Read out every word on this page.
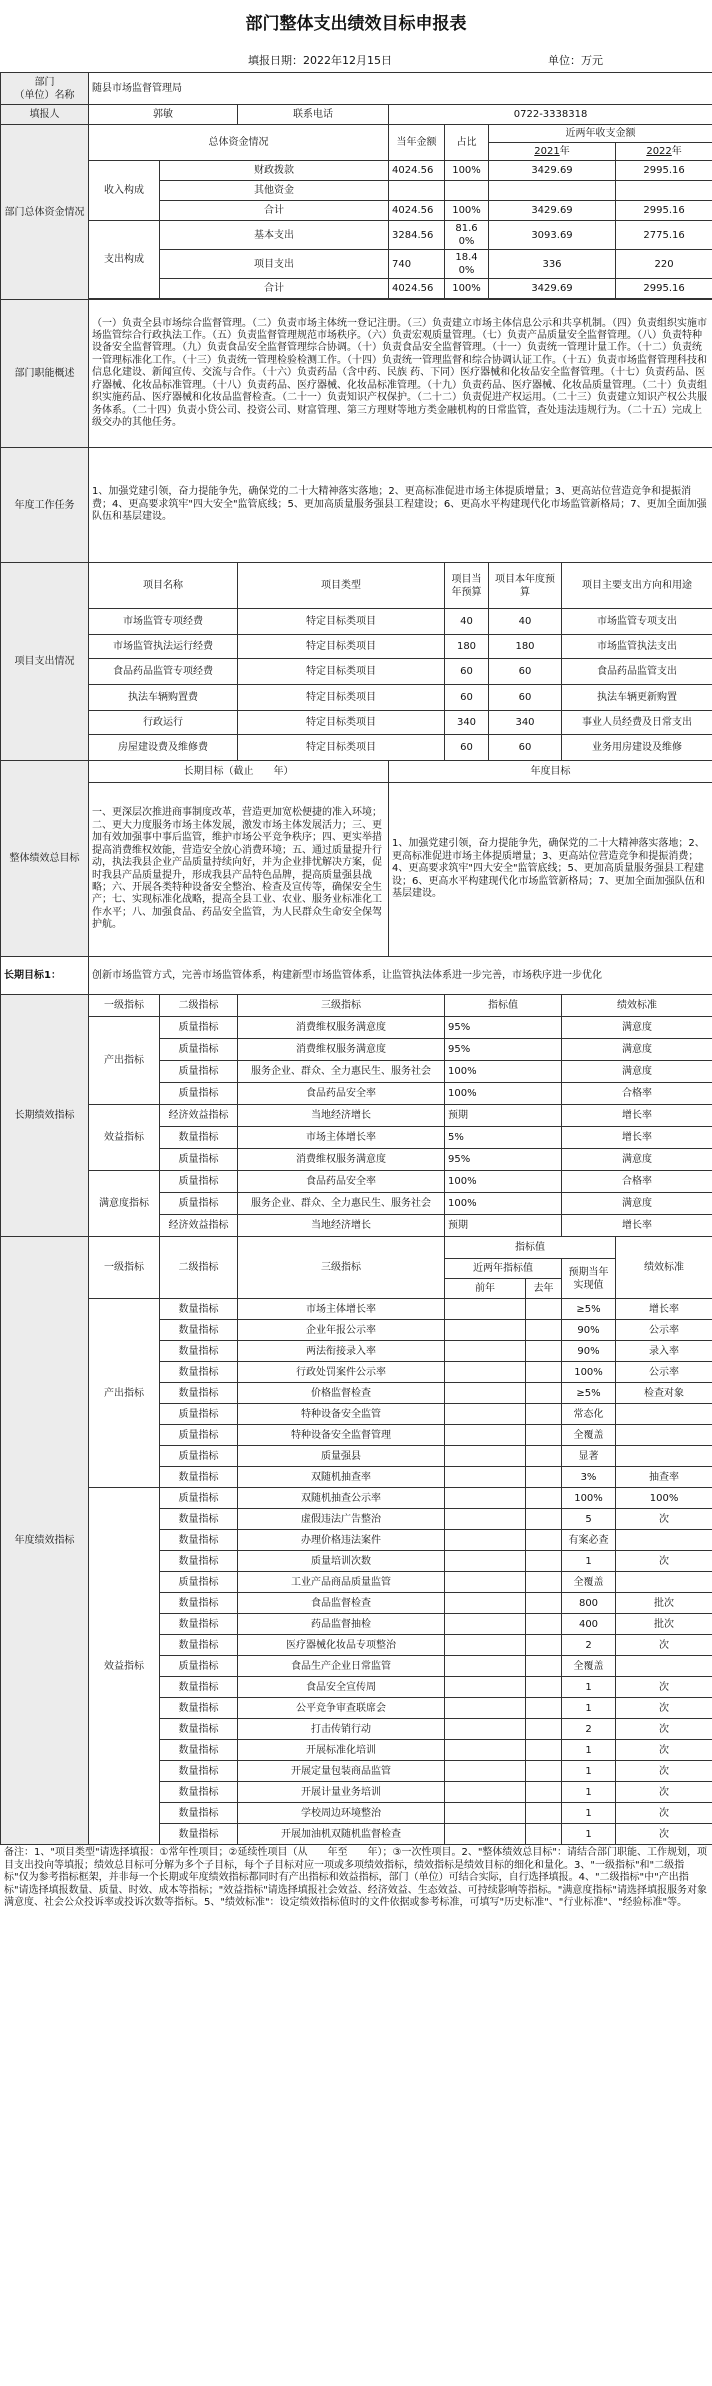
部门整体支出绩效目标申报表
填报日期：2022年12月15日	单位：万元
部门
（单位）名称	随县市场监督管理局								
填报人	郭敏		联系电话	0722-3338318					
部门总体资金情况	总体资金情况			当年金额	占比	近两年收支金额			
						2021年			2022年
	收入构成	财政拨款		4024.56	100%	3429.69			2995.16
		其他资金							
		合计		4024.56	100%	3429.69			2995.16
	支出构成	基本支出		3284.56	81.60%	3093.69			2775.16
		项目支出		740	18.40%	336			220
		合计		4024.56	100%	3429.69			2995.16

部门职能概述	（一）负责全县市场综合监督管理。（二）负责市场主体统一登记注册。（三）负责建立市场主体信息公示和共享机制。（四）负责组织实施市场监管综合行政执法工作。（五）负责监督管理规范市场秩序。（六）负责宏观质量管理。（七）负责产品质量安全监督管理。（八）负责特种设备安全监督管理。（九）负责食品安全监督管理综合协调。（十）负责食品安全监督管理。（十一）负责统一管理计量工作。（十二）负责统一管理标准化工作。（十三）负责统一管理检验检测工作。（十四）负责统一管理监督和综合协调认证工作。（十五）负责市场监督管理科技和信息化建设、新闻宣传、交流与合作。（十六）负责药品（含中药、民族 药、下同）医疗器械和化妆品安全监督管理。（十七）负责药品、医疗器械、化妆品标准管理。（十八）负责药品、医疗器械、化妆品标准管理。（十九）负责药品、医疗器械、化妆品质量管理。（二十）负责组织实施药品、医疗器械和化妆品监督检查。（二十一）负责知识产权保护。（二十二）负责促进产权运用。（二十三）负责建立知识产权公共服务体系。（二十四）负责小贷公司、投资公司、财富管理、第三方理财等地方类金融机构的日常监管，查处违法违规行为。（二十五）完成上级交办的其他任务。								
年度工作任务	1、加强党建引领，奋力提能争先，确保党的二十大精神落实落地；2、更高标准促进市场主体提质增量；3、更高站位营造竞争和提振消费；4、更高要求筑牢"四大安全"监管底线；5、更加高质量服务强县工程建设；6、更高水平构建现代化市场监管新格局；7、更加全面加强队伍和基层建设。								
项目支出情况	项目名称		项目类型		项目当年预算	项目本年度预算		项目主要支出方向和用途	
	市场监管专项经费		特定目标类项目		40	40		市场监管专项支出	
	市场监管执法运行经费		特定目标类项目		180	180		市场监管执法支出	
	食品药品监管专项经费		特定目标类项目		60	60		食品药品监管支出	
	执法车辆购置费		特定目标类项目		60	60		执法车辆更新购置	
	行政运行		特定目标类项目		340	340		事业人员经费及日常支出	
	房屋建设费及维修费		特定目标类项目		60	60		业务用房建设及维修	
整体绩效总目标	长期目标（截止　　年）			年度目标					
	一、更深层次推进商事制度改革，营造更加宽松便捷的准入环境；二、更大力度服务市场主体发展，激发市场主体发展活力；三、更加有效加强事中事后监管，维护市场公平竞争秩序；四、更实举措提高消费维权效能，营造安全放心消费环境；五、通过质量提升行动，执法我县企业产品质量持续向好，并为企业排忧解决方案，促时我县产品质量提升，形成我县产品特色品牌，提高质量强县战略；六、开展各类特种设备安全整治、检查及宣传等，确保安全生产；七、实现标准化战略，提高全县工业、农业、服务业标准化工作水平；八、加强食品、药品安全监管，为人民群众生命安全保驾护航。			1、加强党建引领，奋力提能争先，确保党的二十大精神落实落地；2、更高标准促进市场主体提质增量；3、更高站位营造竞争和提振消费；4、更高要求筑牢"四大安全"监管底线；5、更加高质量服务强县工程建设；6、更高水平构建现代化市场监管新格局；7、更加全面加强队伍和基层建设。					
长期目标1：	创新市场监管方式，完善市场监管体系，构建新型市场监管体系，让监管执法体系进一步完善，市场秩序进一步优化								
长期绩效指标	一级指标	二级指标	三级指标		指标值			绩效标准	
	产出指标	质量指标	消费维权服务满意度		95%			满意度	
		质量指标	消费维权服务满意度		95%			满意度	
		质量指标	服务企业、群众、全力惠民生、服务社会		100%			满意度	
		质量指标	食品药品安全率		100%			合格率	
	效益指标	经济效益指标	当地经济增长		预期			增长率	
		数量指标	市场主体增长率		5%			增长率	
		质量指标	消费维权服务满意度		95%			满意度	
	满意度指标	质量指标	食品药品安全率		100%			合格率	
		质量指标	服务企业、群众、全力惠民生、服务社会		100%			满意度	
		经济效益指标	当地经济增长		预期			增长率	
年度绩效指标	一级指标	二级指标	三级指标		指标值				绩效标准
					近两年指标值			预期当年实现值	
					前年		去年		
	产出指标	数量指标	市场主体增长率					≥5%	增长率
		数量指标	企业年报公示率					90%	公示率
		数量指标	两法衔接录入率					90%	录入率
		数量指标	行政处罚案件公示率					100%	公示率
		数量指标	价格监督检查					≥5%	检查对象
		质量指标	特种设备安全监管					常态化	
		质量指标	特种设备安全监督管理					全覆盖	
		质量指标	质量强县					显著	
		数量指标	双随机抽查率					3%	抽查率
	效益指标	质量指标	双随机抽查公示率					100%	100%
		数量指标	虚假违法广告整治					5	次
		数量指标	办理价格违法案件					有案必查	
		数量指标	质量培训次数					1	次
		质量指标	工业产品商品质量监管					全覆盖	
		数量指标	食品监督检查					800	批次
		数量指标	药品监督抽检					400	批次
		数量指标	医疗器械化妆品专项整治					2	次
		质量指标	食品生产企业日常监管					全覆盖	
		数量指标	食品安全宣传周					1	次
		数量指标	公平竞争审查联席会					1	次
		数量指标	打击传销行动					2	次
		数量指标	开展标准化培训					1	次
		数量指标	开展定量包装商品监管					1	次
		数量指标	开展计量业务培训					1	次
		数量指标	学校周边环境整治					1	次
		数量指标	开展加油机双随机监督检查					1	次
备注：1、"项目类型"请选择填报：①常年性项目；②延续性项目（从　　年至　　年）；③一次性项目。2、"整体绩效总目标"：请结合部门职能、工作规划，项目支出投向等填报；绩效总目标可分解为多个子目标，每个子目标对应一项或多项绩效指标，绩效指标是绩效目标的细化和量化。3、"一级指标"和"二级指标"仅为参考指标框架，并非每一个长期或年度绩效指标都同时有产出指标和效益指标，部门（单位）可结合实际，自行选择填报。4、"二级指标"中"产出指标"请选择填报数量、质量、时效、成本等指标；"效益指标"请选择填报社会效益、经济效益、生态效益、可持续影响等指标。"满意度指标"请选择填报服务对象满意度、社会公众投诉率或投诉次数等指标。5、"绩效标准"：设定绩效指标值时的文件依据或参考标准，可填写"历史标准"、"行业标准"、"经验标准"等。
